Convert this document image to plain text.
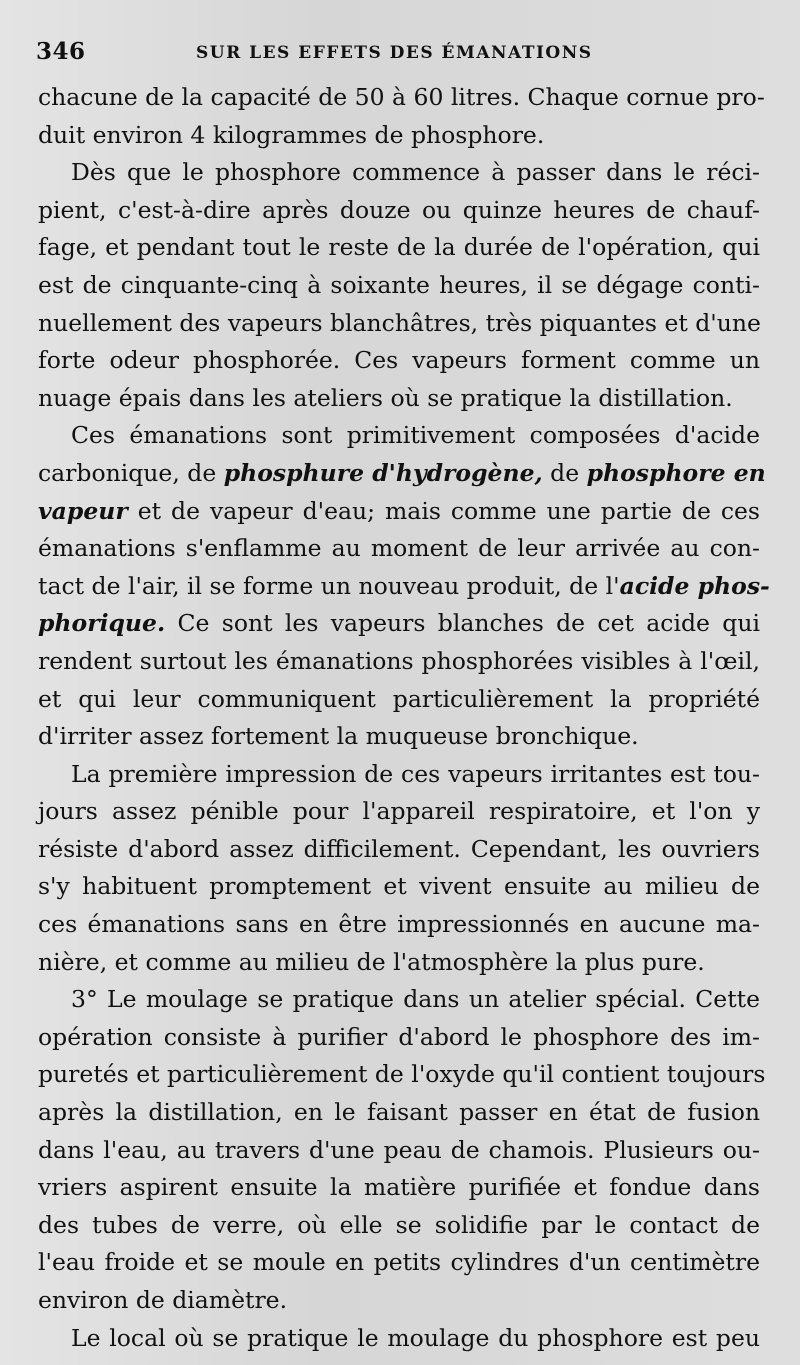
346	SUR LES EFFETS DES ÉMANATIONS
chacune de la capacité de 50 à 60 litres. Chaque cornue pro-
duit environ 4 kilogrammes de phosphore.
Dès que le phosphore commence à passer dans le réci-
pient, c'est-à-dire après douze ou quinze heures de chauf-
fage, et pendant tout le reste de la durée de l'opération, qui
est de cinquante-cinq à soixante heures, il se dégage conti-
nuellement des vapeurs blanchâtres, très piquantes et d'une
forte odeur phosphorée. Ces vapeurs forment comme un
nuage épais dans les ateliers où se pratique la distillation.
Ces émanations sont primitivement composées d'acide
carbonique, de phosphure d'hydrogène, de phosphore en
vapeur et de vapeur d'eau; mais comme une partie de ces
émanations s'enflamme au moment de leur arrivée au con-
tact de l'air, il se forme un nouveau produit, de l'acide phos-
phorique. Ce sont les vapeurs blanches de cet acide qui
rendent surtout les émanations phosphorées visibles à l'œil,
et qui leur communiquent particulièrement la propriété
d'irriter assez fortement la muqueuse bronchique.
La première impression de ces vapeurs irritantes est tou-
jours assez pénible pour l'appareil respiratoire, et l'on y
résiste d'abord assez difficilement. Cependant, les ouvriers
s'y habituent promptement et vivent ensuite au milieu de
ces émanations sans en être impressionnés en aucune ma-
nière, et comme au milieu de l'atmosphère la plus pure.
3° Le moulage se pratique dans un atelier spécial. Cette
opération consiste à purifier d'abord le phosphore des im-
puretés et particulièrement de l'oxyde qu'il contient toujours
après la distillation, en le faisant passer en état de fusion
dans l'eau, au travers d'une peau de chamois. Plusieurs ou-
vriers aspirent ensuite la matière purifiée et fondue dans
des tubes de verre, où elle se solidifie par le contact de
l'eau froide et se moule en petits cylindres d'un centimètre
environ de diamètre.
Le local où se pratique le moulage du phosphore est peu
